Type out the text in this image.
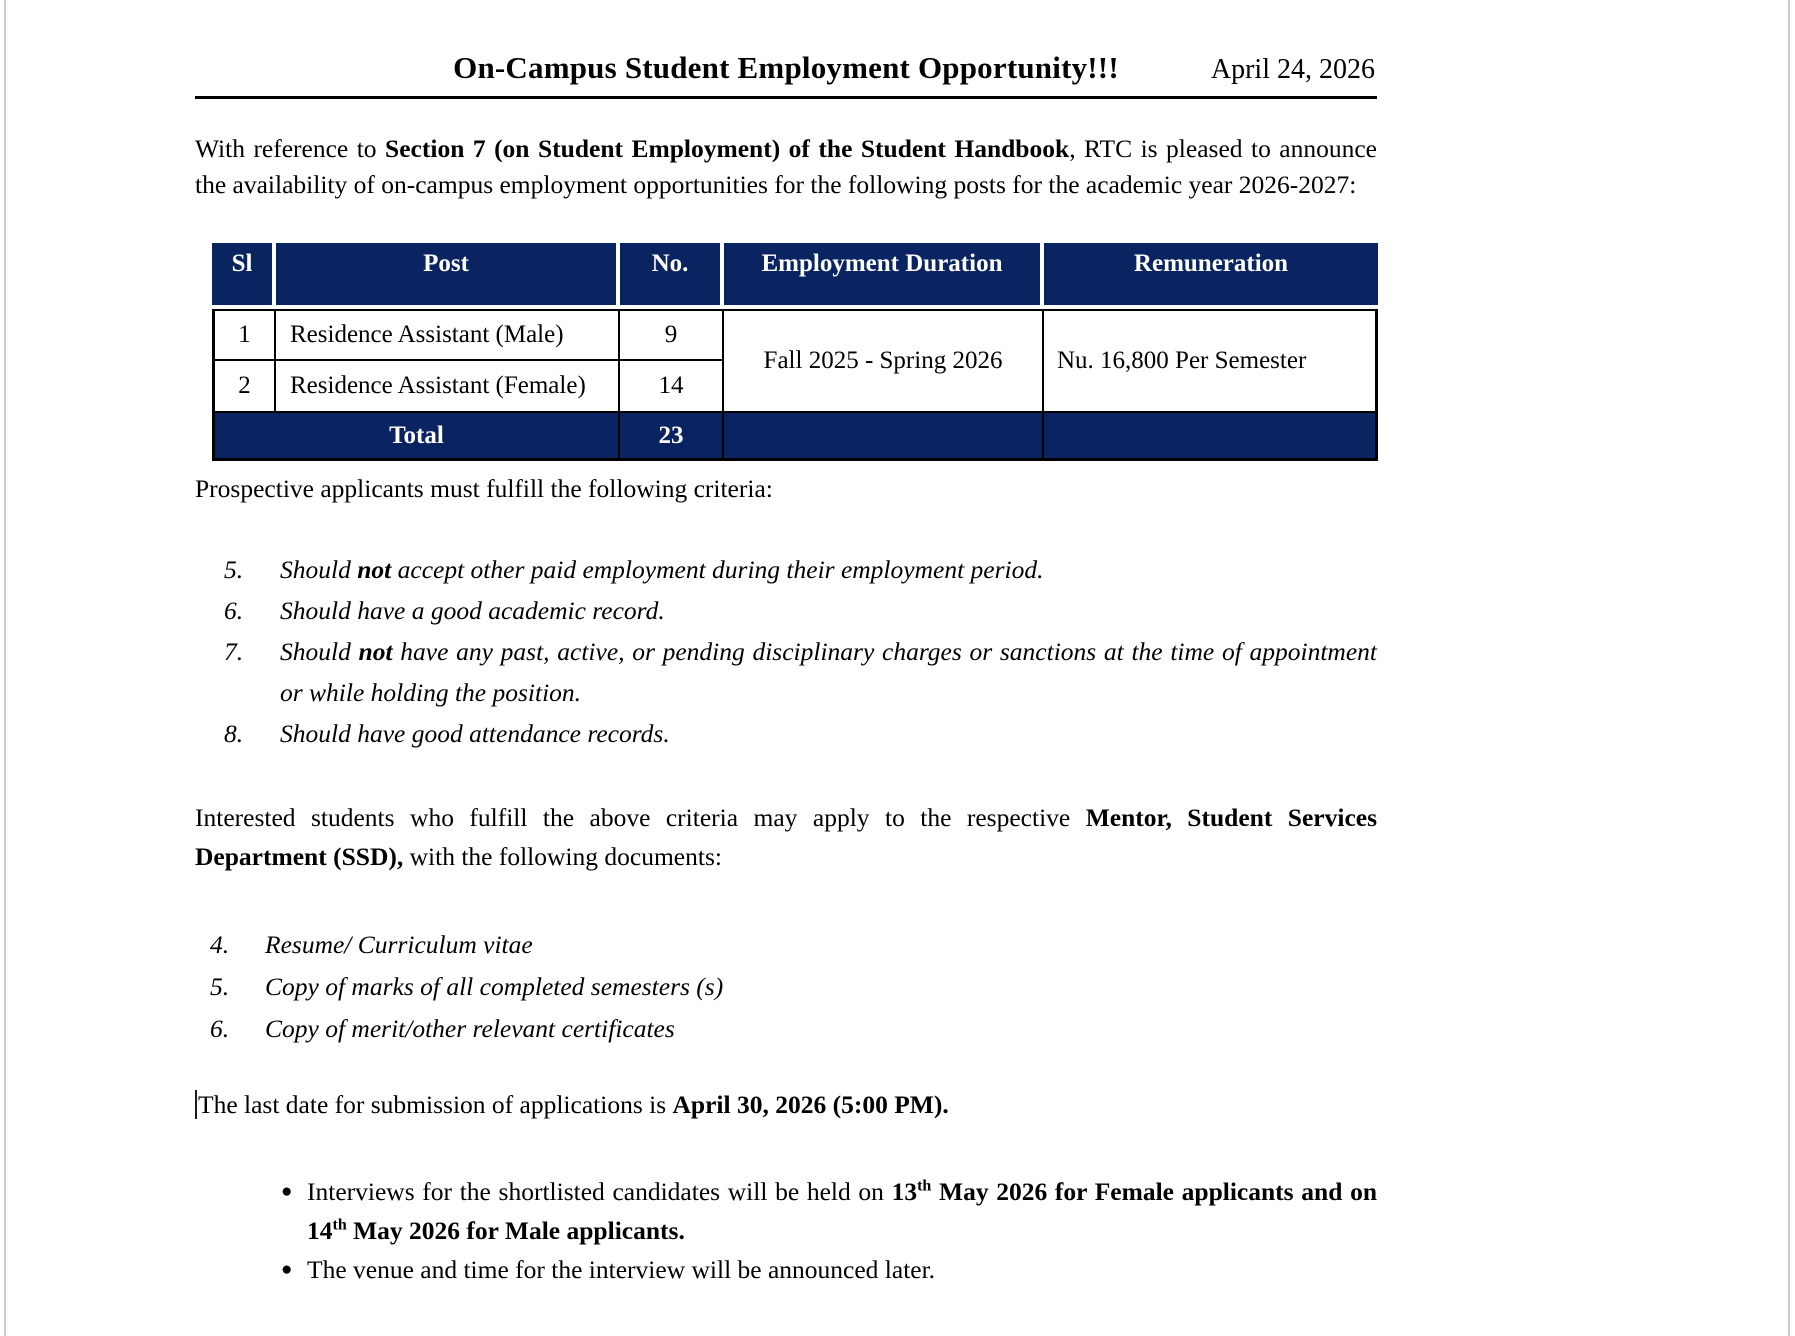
On-Campus Student Employment Opportunity!!!	April 24, 2026

With reference to Section 7 (on Student Employment) of the Student Handbook, RTC is pleased to announce the availability of on-campus employment opportunities for the following posts for the academic year 2026-2027:

Sl	Post	No.	Employment Duration	Remuneration
1	Residence Assistant (Male)	9	Fall 2025 - Spring 2026	Nu. 16,800 Per Semester
2	Residence Assistant (Female)	14		
Total		23		

Prospective applicants must fulfill the following criteria:

5.	Should not accept other paid employment during their employment period.
6.	Should have a good academic record.
7.	Should not have any past, active, or pending disciplinary charges or sanctions at the time of appointment or while holding the position.
8.	Should have good attendance records.

Interested students who fulfill the above criteria may apply to the respective Mentor, Student Services Department (SSD), with the following documents:

4.	Resume/ Curriculum vitae
5.	Copy of marks of all completed semesters (s)
6.	Copy of merit/other relevant certificates

The last date for submission of applications is April 30, 2026 (5:00 PM).

● Interviews for the shortlisted candidates will be held on 13th May 2026 for Female applicants and on 14th May 2026 for Male applicants.
● The venue and time for the interview will be announced later.
